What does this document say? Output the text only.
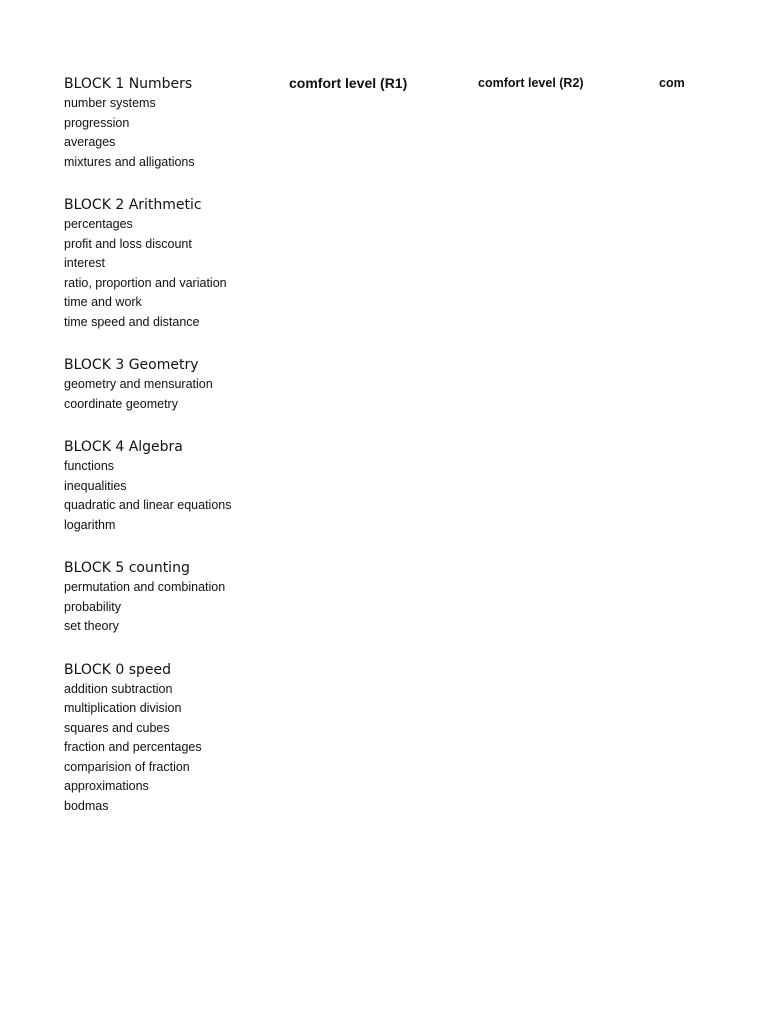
comfort level (R1)	comfort level (R2)	com
BLOCK 1 Numbers
number systems
progression
averages
mixtures and alligations
BLOCK 2 Arithmetic
percentages
profit and loss discount
interest
ratio, proportion and variation
time and work
time speed and distance
BLOCK 3 Geometry
geometry and mensuration
coordinate geometry
BLOCK 4 Algebra
functions
inequalities
quadratic and linear equations
logarithm
BLOCK 5 counting
permutation and combination
probability
set theory
BLOCK 0 speed
addition subtraction
multiplication division
squares and cubes
fraction and percentages
comparision of fraction
approximations
bodmas
